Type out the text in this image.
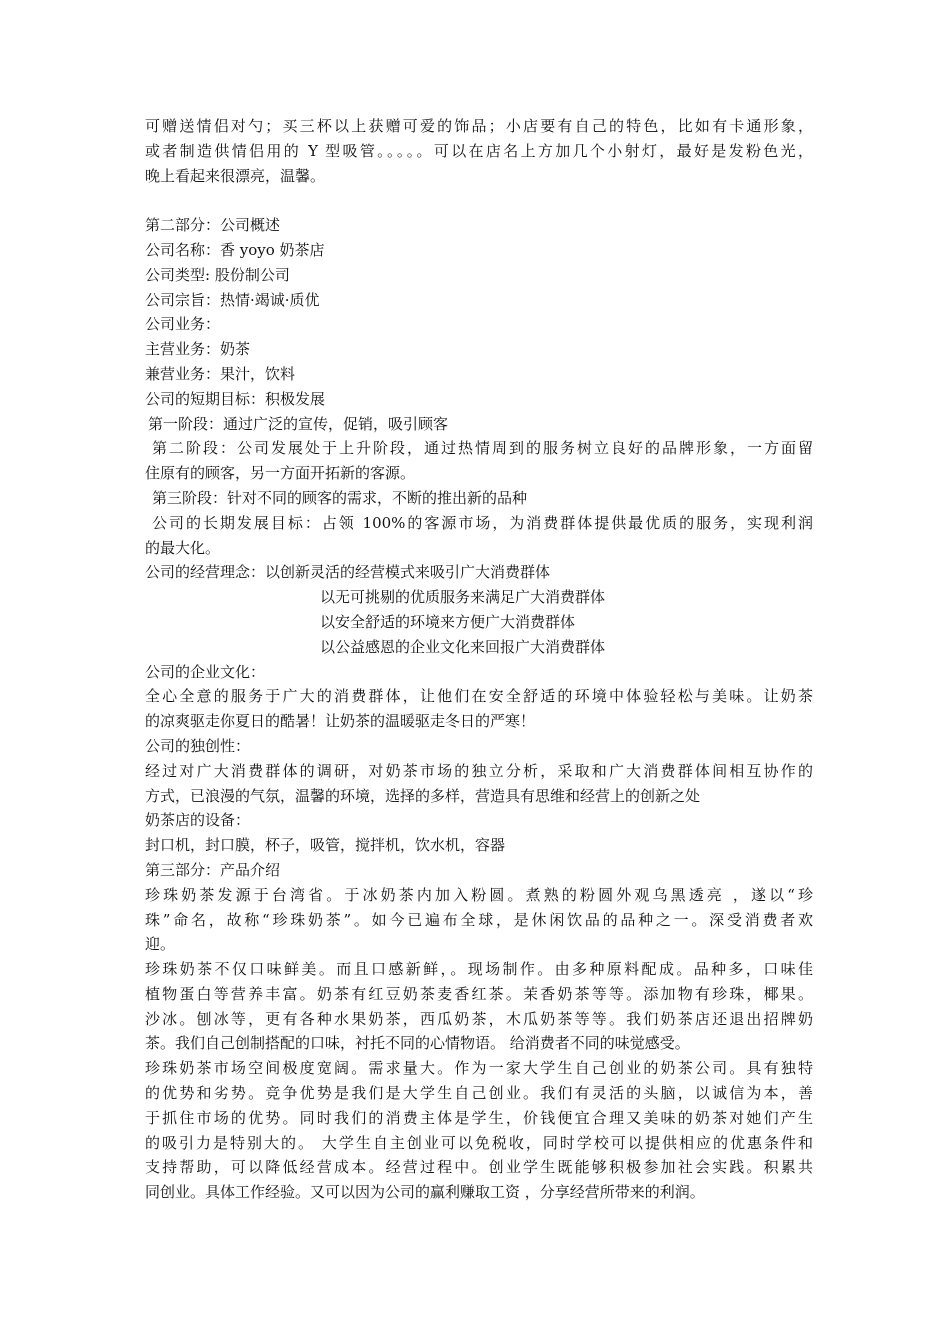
可赠送情侣对勺；买三杯以上获赠可爱的饰品；小店要有自己的特色，比如有卡通形象，
或者制造供情侣用的 Y 型吸管。。。。。可以在店名上方加几个小射灯，最好是发粉色光，
晚上看起来很漂亮，温馨。
第二部分：公司概述
公司名称：香 yoyo 奶茶店
公司类型: 股份制公司
公司宗旨：热情·竭诚·质优
公司业务：
主营业务：奶茶
兼营业务：果汁，饮料
公司的短期目标：积极发展
第一阶段：通过广泛的宣传，促销，吸引顾客
第二阶段：公司发展处于上升阶段，通过热情周到的服务树立良好的品牌形象，一方面留
住原有的顾客，另一方面开拓新的客源。
第三阶段：针对不同的顾客的需求，不断的推出新的品种
公司的长期发展目标：占领 100%的客源市场，为消费群体提供最优质的服务，实现利润
的最大化。
公司的经营理念：以创新灵活的经营模式来吸引广大消费群体
以无可挑剔的优质服务来满足广大消费群体
以安全舒适的环境来方便广大消费群体
以公益感恩的企业文化来回报广大消费群体
公司的企业文化：
全心全意的服务于广大的消费群体，让他们在安全舒适的环境中体验轻松与美味。让奶茶
的凉爽驱走你夏日的酷暑！让奶茶的温暖驱走冬日的严寒！
公司的独创性：
经过对广大消费群体的调研，对奶茶市场的独立分析，采取和广大消费群体间相互协作的
方式，已浪漫的气氛，温馨的环境，选择的多样，营造具有思维和经营上的创新之处
奶茶店的设备：
封口机，封口膜，杯子，吸管，搅拌机，饮水机，容器
第三部分：产品介绍
珍珠奶茶发源于台湾省。于冰奶茶内加入粉圆。煮熟的粉圆外观乌黑透亮 ，遂以“珍
珠”命名，故称“珍珠奶茶”。如今已遍布全球，是休闲饮品的品种之一。深受消费者欢
迎。
珍珠奶茶不仅口味鲜美。而且口感新鲜，。现场制作。由多种原料配成。品种多，口味佳
植物蛋白等营养丰富。奶茶有红豆奶茶麦香红茶。茉香奶茶等等。添加物有珍珠，椰果。
沙冰。刨冰等，更有各种水果奶茶，西瓜奶茶，木瓜奶茶等等。我们奶茶店还退出招牌奶
茶。我们自己创制搭配的口味，衬托不同的心情物语。 给消费者不同的味觉感受。
珍珠奶茶市场空间极度宽阔。需求量大。作为一家大学生自己创业的奶茶公司。具有独特
的优势和劣势。竞争优势是我们是大学生自己创业。我们有灵活的头脑，以诚信为本，善
于抓住市场的优势。同时我们的消费主体是学生，价钱便宜合理又美味的奶茶对她们产生
的吸引力是特别大的。 大学生自主创业可以免税收，同时学校可以提供相应的优惠条件和
支持帮助，可以降低经营成本。经营过程中。创业学生既能够积极参加社会实践。积累共
同创业。具体工作经验。又可以因为公司的赢利赚取工资 ，分享经营所带来的利润。
